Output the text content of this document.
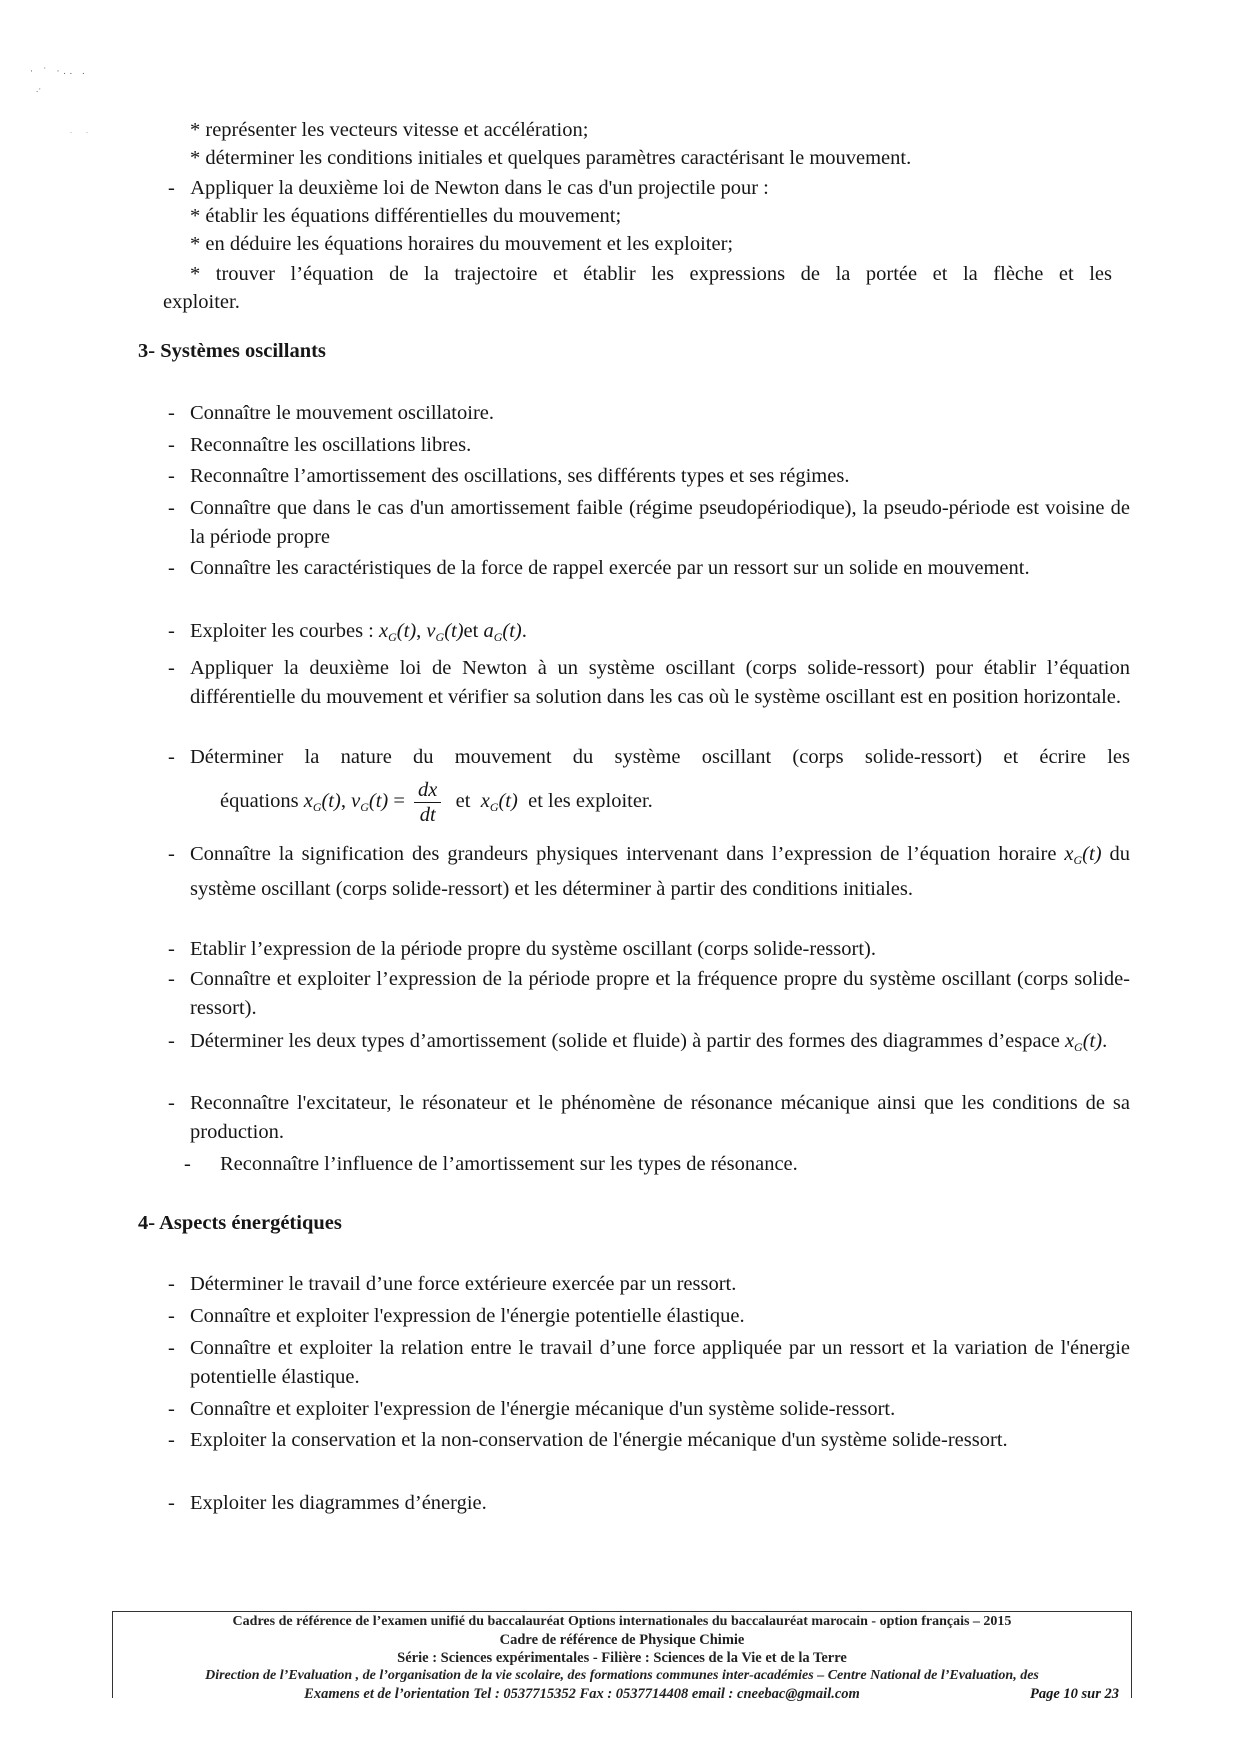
· ˙ ·.. .
.·
. .	* représenter les vecteurs vitesse et accélération;
* déterminer les conditions initiales et quelques paramètres caractérisant le mouvement.
- Appliquer la deuxième loi de Newton dans le cas d'un projectile pour :
* établir les équations différentielles du mouvement;
* en déduire les équations horaires du mouvement et les exploiter;
* trouver l’équation de la trajectoire et établir les expressions de la portée et la flèche et les
exploiter.
3- Systèmes oscillants
- Connaître le mouvement oscillatoire.
- Reconnaître les oscillations libres.
- Reconnaître l’amortissement des oscillations, ses différents types et ses régimes.
- Connaître que dans le cas d'un amortissement faible (régime pseudopériodique), la pseudo-période est voisine de la période propre
- Connaître les caractéristiques de la force de rappel exercée par un ressort sur un solide en mouvement.
- Exploiter les courbes : $x_G(t)$, $v_G(t)et$ $a_G(t)$.
- Appliquer la deuxième loi de Newton à un système oscillant (corps solide-ressort) pour établir l’équation différentielle du mouvement et vérifier sa solution dans les cas où le système oscillant est en position horizontale.
- Déterminer la nature du mouvement du système oscillant (corps solide-ressort) et écrire les
équations $x_G(t)$, $v_G(t) = \frac{dx}{dt}$ et $x_G(t)$ et les exploiter.
- Connaître la signification des grandeurs physiques intervenant dans l’expression de l’équation horaire $x_G(t)$ du système oscillant (corps solide-ressort) et les déterminer à partir des conditions initiales.
- Etablir l’expression de la période propre du système oscillant (corps solide-ressort).
- Connaître et exploiter l’expression de la période propre et la fréquence propre du système oscillant (corps solide-ressort).
- Déterminer les deux types d’amortissement (solide et fluide) à partir des formes des diagrammes d’espace $x_G(t)$.
- Reconnaître l'excitateur, le résonateur et le phénomène de résonance mécanique ainsi que les conditions de sa production.
- Reconnaître l’influence de l’amortissement sur les types de résonance.
4- Aspects énergétiques
- Déterminer le travail d’une force extérieure exercée par un ressort.
- Connaître et exploiter l'expression de l'énergie potentielle élastique.
- Connaître et exploiter la relation entre le travail d’une force appliquée par un ressort et la variation de l'énergie potentielle élastique.
- Connaître et exploiter l'expression de l'énergie mécanique d'un système solide-ressort.
- Exploiter la conservation et la non-conservation de l'énergie mécanique d'un système solide-ressort.
- Exploiter les diagrammes d’énergie.
Cadres de référence de l’examen unifié du baccalauréat Options internationales du baccalauréat marocain - option français – 2015
Cadre de référence de Physique Chimie
Série : Sciences expérimentales - Filière : Sciences de la Vie et de la Terre
Direction de l’Evaluation , de l’organisation de la vie scolaire, des formations communes inter-académies – Centre National de l’Evaluation, des
Examens et de l’orientation Tel : 0537715352 Fax : 0537714408 email : cneebac@gmail.com	Page 10 sur 23
